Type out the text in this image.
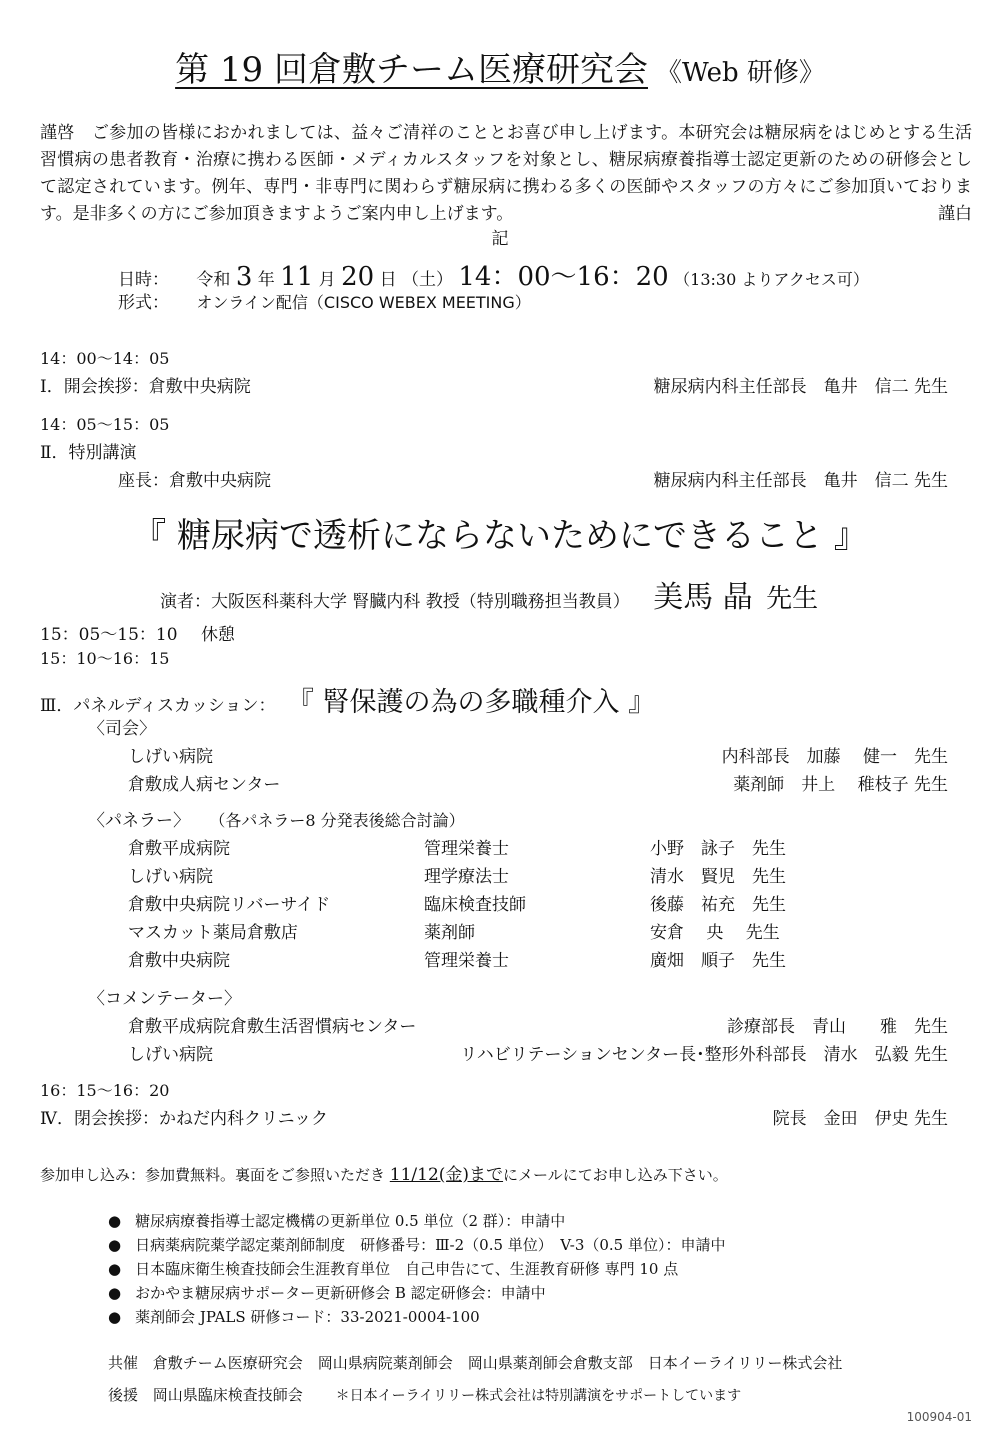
第 19 回倉敷チーム医療研究会 《Web 研修》
謹啓　ご参加の皆様におかれましては、益々ご清祥のこととお喜び申し上げます。本研究会は糖尿病をはじめとする生活習慣病の患者教育・治療に携わる医師・メディカルスタッフを対象とし、糖尿病療養指導士認定更新のための研修会として認定されています。例年、専門・非専門に関わらず糖尿病に携わる多くの医師やスタッフの方々にご参加頂いております。是非多くの方にご参加頂きますようご案内申し上げます。	謹白
記
日時： 令和 3 年 11 月 20 日 （土） 14：00～16：20 （13:30 よりアクセス可）
形式： オンライン配信（CISCO WEBEX MEETING）
14：00～14：05
Ⅰ．開会挨拶：倉敷中央病院	糖尿病内科主任部長　亀井　信二 先生
14：05～15：05
Ⅱ．特別講演
座長：倉敷中央病院	糖尿病内科主任部長　亀井　信二 先生
『 糖尿病で透析にならないためにできること 』
演者：大阪医科薬科大学 腎臓内科 教授（特別職務担当教員） 美馬 晶 先生
15：05～15：10 休憩
15：10～16：15
Ⅲ．パネルディスカッション： 『 腎保護の為の多職種介入 』
〈司会〉
しげい病院	内科部長　加藤　 健一　先生
倉敷成人病センター	薬剤師　井上　 稚枝子 先生
〈パネラー〉 （各パネラー8 分発表後総合討論）
倉敷平成病院	管理栄養士	小野　詠子　先生
しげい病院	理学療法士	清水　賢児　先生
倉敷中央病院リバーサイド	臨床検査技師	後藤　祐充　先生
マスカット薬局倉敷店	薬剤師	安倉　 央　 先生
倉敷中央病院	管理栄養士	廣畑　順子　先生
〈コメンテーター〉
倉敷平成病院倉敷生活習慣病センター	診療部長　青山　　雅　先生
しげい病院	リハビリテーションセンター長･整形外科部長　清水　弘毅 先生
16：15～16：20
Ⅳ．閉会挨拶：かねだ内科クリニック	院長　金田　伊史 先生
参加申し込み：参加費無料。裏面をご参照いただき 11/12(金)までにメールにてお申し込み下さい。
● 糖尿病療養指導士認定機構の更新単位 0.5 単位（2 群）：申請中
● 日病薬病院薬学認定薬剤師制度　研修番号：Ⅲ-2（0.5 単位）　V-3（0.5 単位）：申請中
● 日本臨床衛生検査技師会生涯教育単位　自己申告にて、生涯教育研修 専門 10 点
● おかやま糖尿病サポーター更新研修会 B 認定研修会：申請中
● 薬剤師会 JPALS 研修コード：33-2021-0004-100
共催 倉敷チーム医療研究会　岡山県病院薬剤師会　岡山県薬剤師会倉敷支部　日本イーライリリー株式会社
後援 岡山県臨床検査技師会 ＊日本イーライリリー株式会社は特別講演をサポートしています
100904-01
